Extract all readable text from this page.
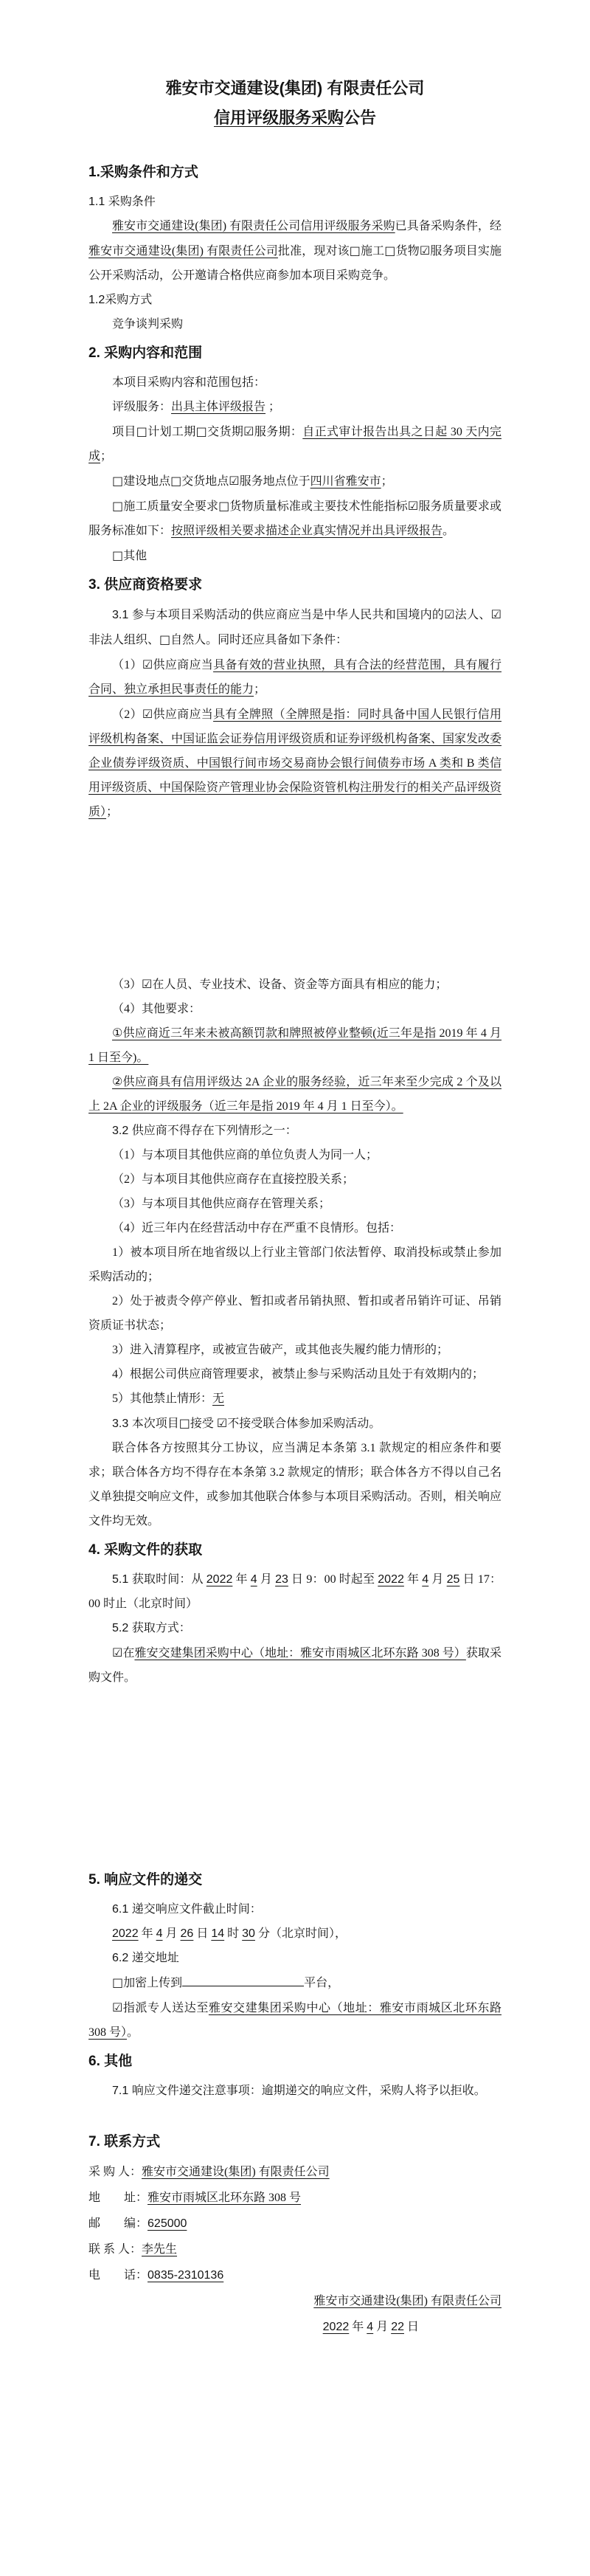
雅安市交通建设(集团) 有限责任公司
信用评级服务采购公告
1.采购条件和方式
1.1 采购条件
雅安市交通建设(集团) 有限责任公司信用评级服务采购已具备采购条件，经雅安市交通建设(集团) 有限责任公司批准，现对该□施工□货物☑服务项目实施公开采购活动，公开邀请合格供应商参加本项目采购竞争。
1.2采购方式
竞争谈判采购
2. 采购内容和范围
本项目采购内容和范围包括：
评级服务：出具主体评级报告 ；
项目□计划工期□交货期☑服务期：自正式审计报告出具之日起 30 天内完成；
□建设地点□交货地点☑服务地点位于四川省雅安市；
□施工质量安全要求□货物质量标准或主要技术性能指标☑服务质量要求或服务标准如下：按照评级相关要求描述企业真实情况并出具评级报告。
□其他
3. 供应商资格要求
3.1 参与本项目采购活动的供应商应当是中华人民共和国境内的☑法人、☑非法人组织、□自然人。同时还应具备如下条件：
（1）☑供应商应当具备有效的营业执照，具有合法的经营范围，具有履行合同、独立承担民事责任的能力；
（2）☑供应商应当具有全牌照（全牌照是指：同时具备中国人民银行信用评级机构备案、中国证监会证券信用评级资质和证券评级机构备案、国家发改委企业债券评级资质、中国银行间市场交易商协会银行间债券市场 A 类和 B 类信用评级资质、中国保险资产管理业协会保险资管机构注册发行的相关产品评级资质）；
（3）☑在人员、专业技术、设备、资金等方面具有相应的能力；
（4）其他要求：
①供应商近三年来未被高额罚款和牌照被停业整顿(近三年是指 2019 年 4 月 1 日至今)。
②供应商具有信用评级达 2A 企业的服务经验，近三年来至少完成 2 个及以上 2A 企业的评级服务（近三年是指 2019 年 4 月 1 日至今）。
3.2 供应商不得存在下列情形之一：
（1）与本项目其他供应商的单位负责人为同一人；
（2）与本项目其他供应商存在直接控股关系；
（3）与本项目其他供应商存在管理关系；
（4）近三年内在经营活动中存在严重不良情形。包括：
1）被本项目所在地省级以上行业主管部门依法暂停、取消投标或禁止参加采购活动的；
2）处于被责令停产停业、暂扣或者吊销执照、暂扣或者吊销许可证、吊销资质证书状态；
3）进入清算程序，或被宣告破产，或其他丧失履约能力情形的；
4）根据公司供应商管理要求，被禁止参与采购活动且处于有效期内的；
5）其他禁止情形：无
3.3 本次项目□接受 ☑不接受联合体参加采购活动。
联合体各方按照其分工协议，应当满足本条第 3.1 款规定的相应条件和要求；联合体各方均不得存在本条第 3.2 款规定的情形；联合体各方不得以自己名义单独提交响应文件，或参加其他联合体参与本项目采购活动。否则，相关响应文件均无效。
4. 采购文件的获取
5.1 获取时间：从 2022 年 4 月 23 日 9：00 时起至 2022 年 4 月 25 日 17：00 时止（北京时间）
5.2 获取方式：
☑在雅安交建集团采购中心（地址：雅安市雨城区北环东路 308 号）获取采购文件。
5. 响应文件的递交
6.1 递交响应文件截止时间：
2022 年 4 月 26 日 14 时 30 分（北京时间），
6.2 递交地址
□加密上传到	平台，
☑指派专人送达至雅安交建集团采购中心（地址：雅安市雨城区北环东路 308 号）。
6. 其他
7.1 响应文件递交注意事项：逾期递交的响应文件，采购人将予以拒收。
7. 联系方式
采 购 人：雅安市交通建设(集团) 有限责任公司
地　　址：雅安市雨城区北环东路 308 号
邮　　编：625000
联 系 人：李先生
电　　话：0835-2310136
雅安市交通建设(集团) 有限责任公司
2022 年 4 月 22 日
